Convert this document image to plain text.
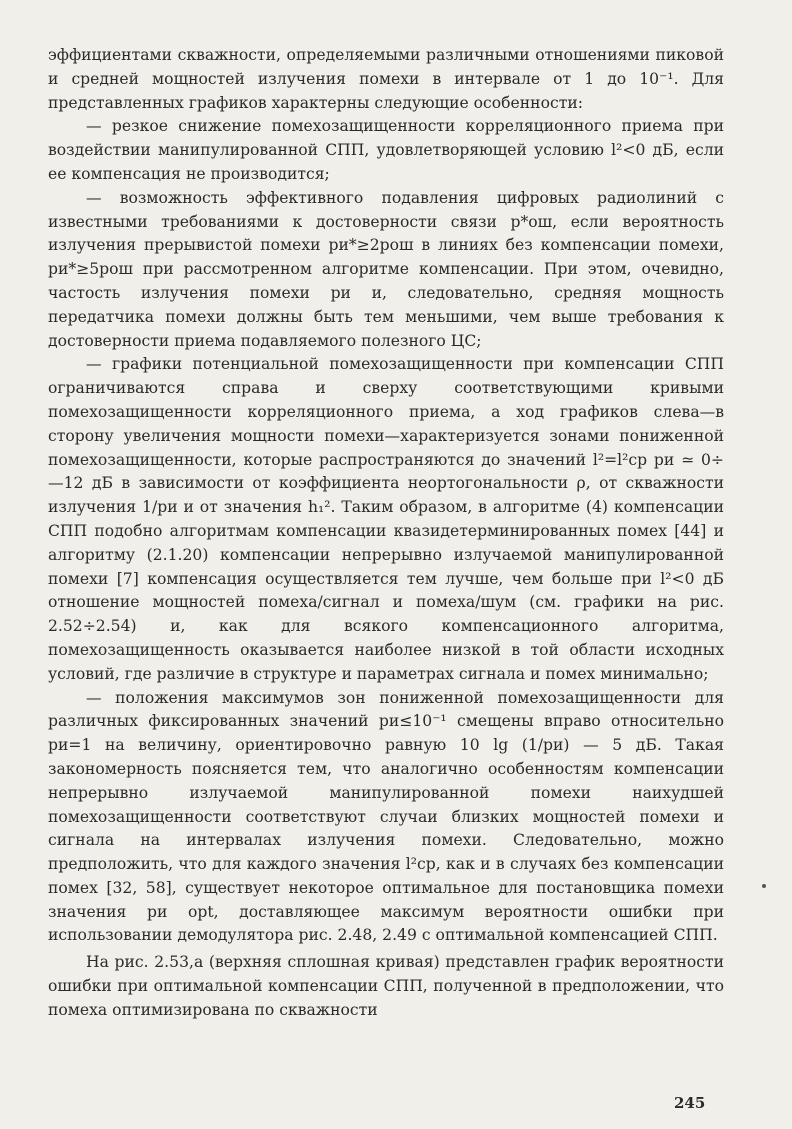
эффициентами скважности, определяемыми различными отношениями пиковой и средней мощностей излучения помехи в интервале от 1 до 10⁻¹. Для представленных графиков характерны следующие особенности:

— резкое снижение помехозащищенности корреляционного приема при воздействии манипулированной СПП, удовлетворяющей условию l²<0 дБ, если ее компенсация не производится;

— возможность эффективного подавления цифровых радиолиний с известными требованиями к достоверности связи p*ош, если вероятность излучения прерывистой помехи pи*≥2pош в линиях без компенсации помехи, pи*≥5pош при рассмотренном алгоритме компенсации. При этом, очевидно, частость излучения помехи pи и, следовательно, средняя мощность передатчика помехи должны быть тем меньшими, чем выше требования к достоверности приема подавляемого полезного ЦС;

— графики потенциальной помехозащищенности при компенсации СПП ограничиваются справа и сверху соответствующими кривыми помехозащищенности корреляционного приема, а ход графиков слева—в сторону увеличения мощности помехи—характеризуется зонами пониженной помехозащищенности, которые распространяются до значений l²=l²ср pи ≃ 0÷ —12 дБ в зависимости от коэффициента неортогональности ρ, от скважности излучения 1/pи и от значения h₁². Таким образом, в алгоритме (4) компенсации СПП подобно алгоритмам компенсации квазидетерминированных помех [44] и алгоритму (2.1.20) компенсации непрерывно излучаемой манипулированной помехи [7] компенсация осуществляется тем лучше, чем больше при l²<0 дБ отношение мощностей помеха/сигнал и помеха/шум (см. графики на рис. 2.52÷2.54) и, как для всякого компенсационного алгоритма, помехозащищенность оказывается наиболее низкой в той области исходных условий, где различие в структуре и параметрах сигнала и помех минимально;

— положения максимумов зон пониженной помехозащищенности для различных фиксированных значений pи≤10⁻¹ смещены вправо относительно pи=1 на величину, ориентировочно равную 10 lg (1/pи) — 5 дБ. Такая закономерность поясняется тем, что аналогично особенностям компенсации непрерывно излучаемой манипулированной помехи наихудшей помехозащищенности соответствуют случаи близких мощностей помехи и сигнала на интервалах излучения помехи. Следовательно, можно предположить, что для каждого значения l²ср, как и в случаях без компенсации помех [32, 58], существует некоторое оптимальное для постановщика помехи значения pи opt, доставляющее максимум вероятности ошибки при использовании демодулятора рис. 2.48, 2.49 с оптимальной компенсацией СПП.

На рис. 2.53,а (верхняя сплошная кривая) представлен график вероятности ошибки при оптимальной компенсации СПП, полученной в предположении, что помеха оптимизирована по скважности

245
